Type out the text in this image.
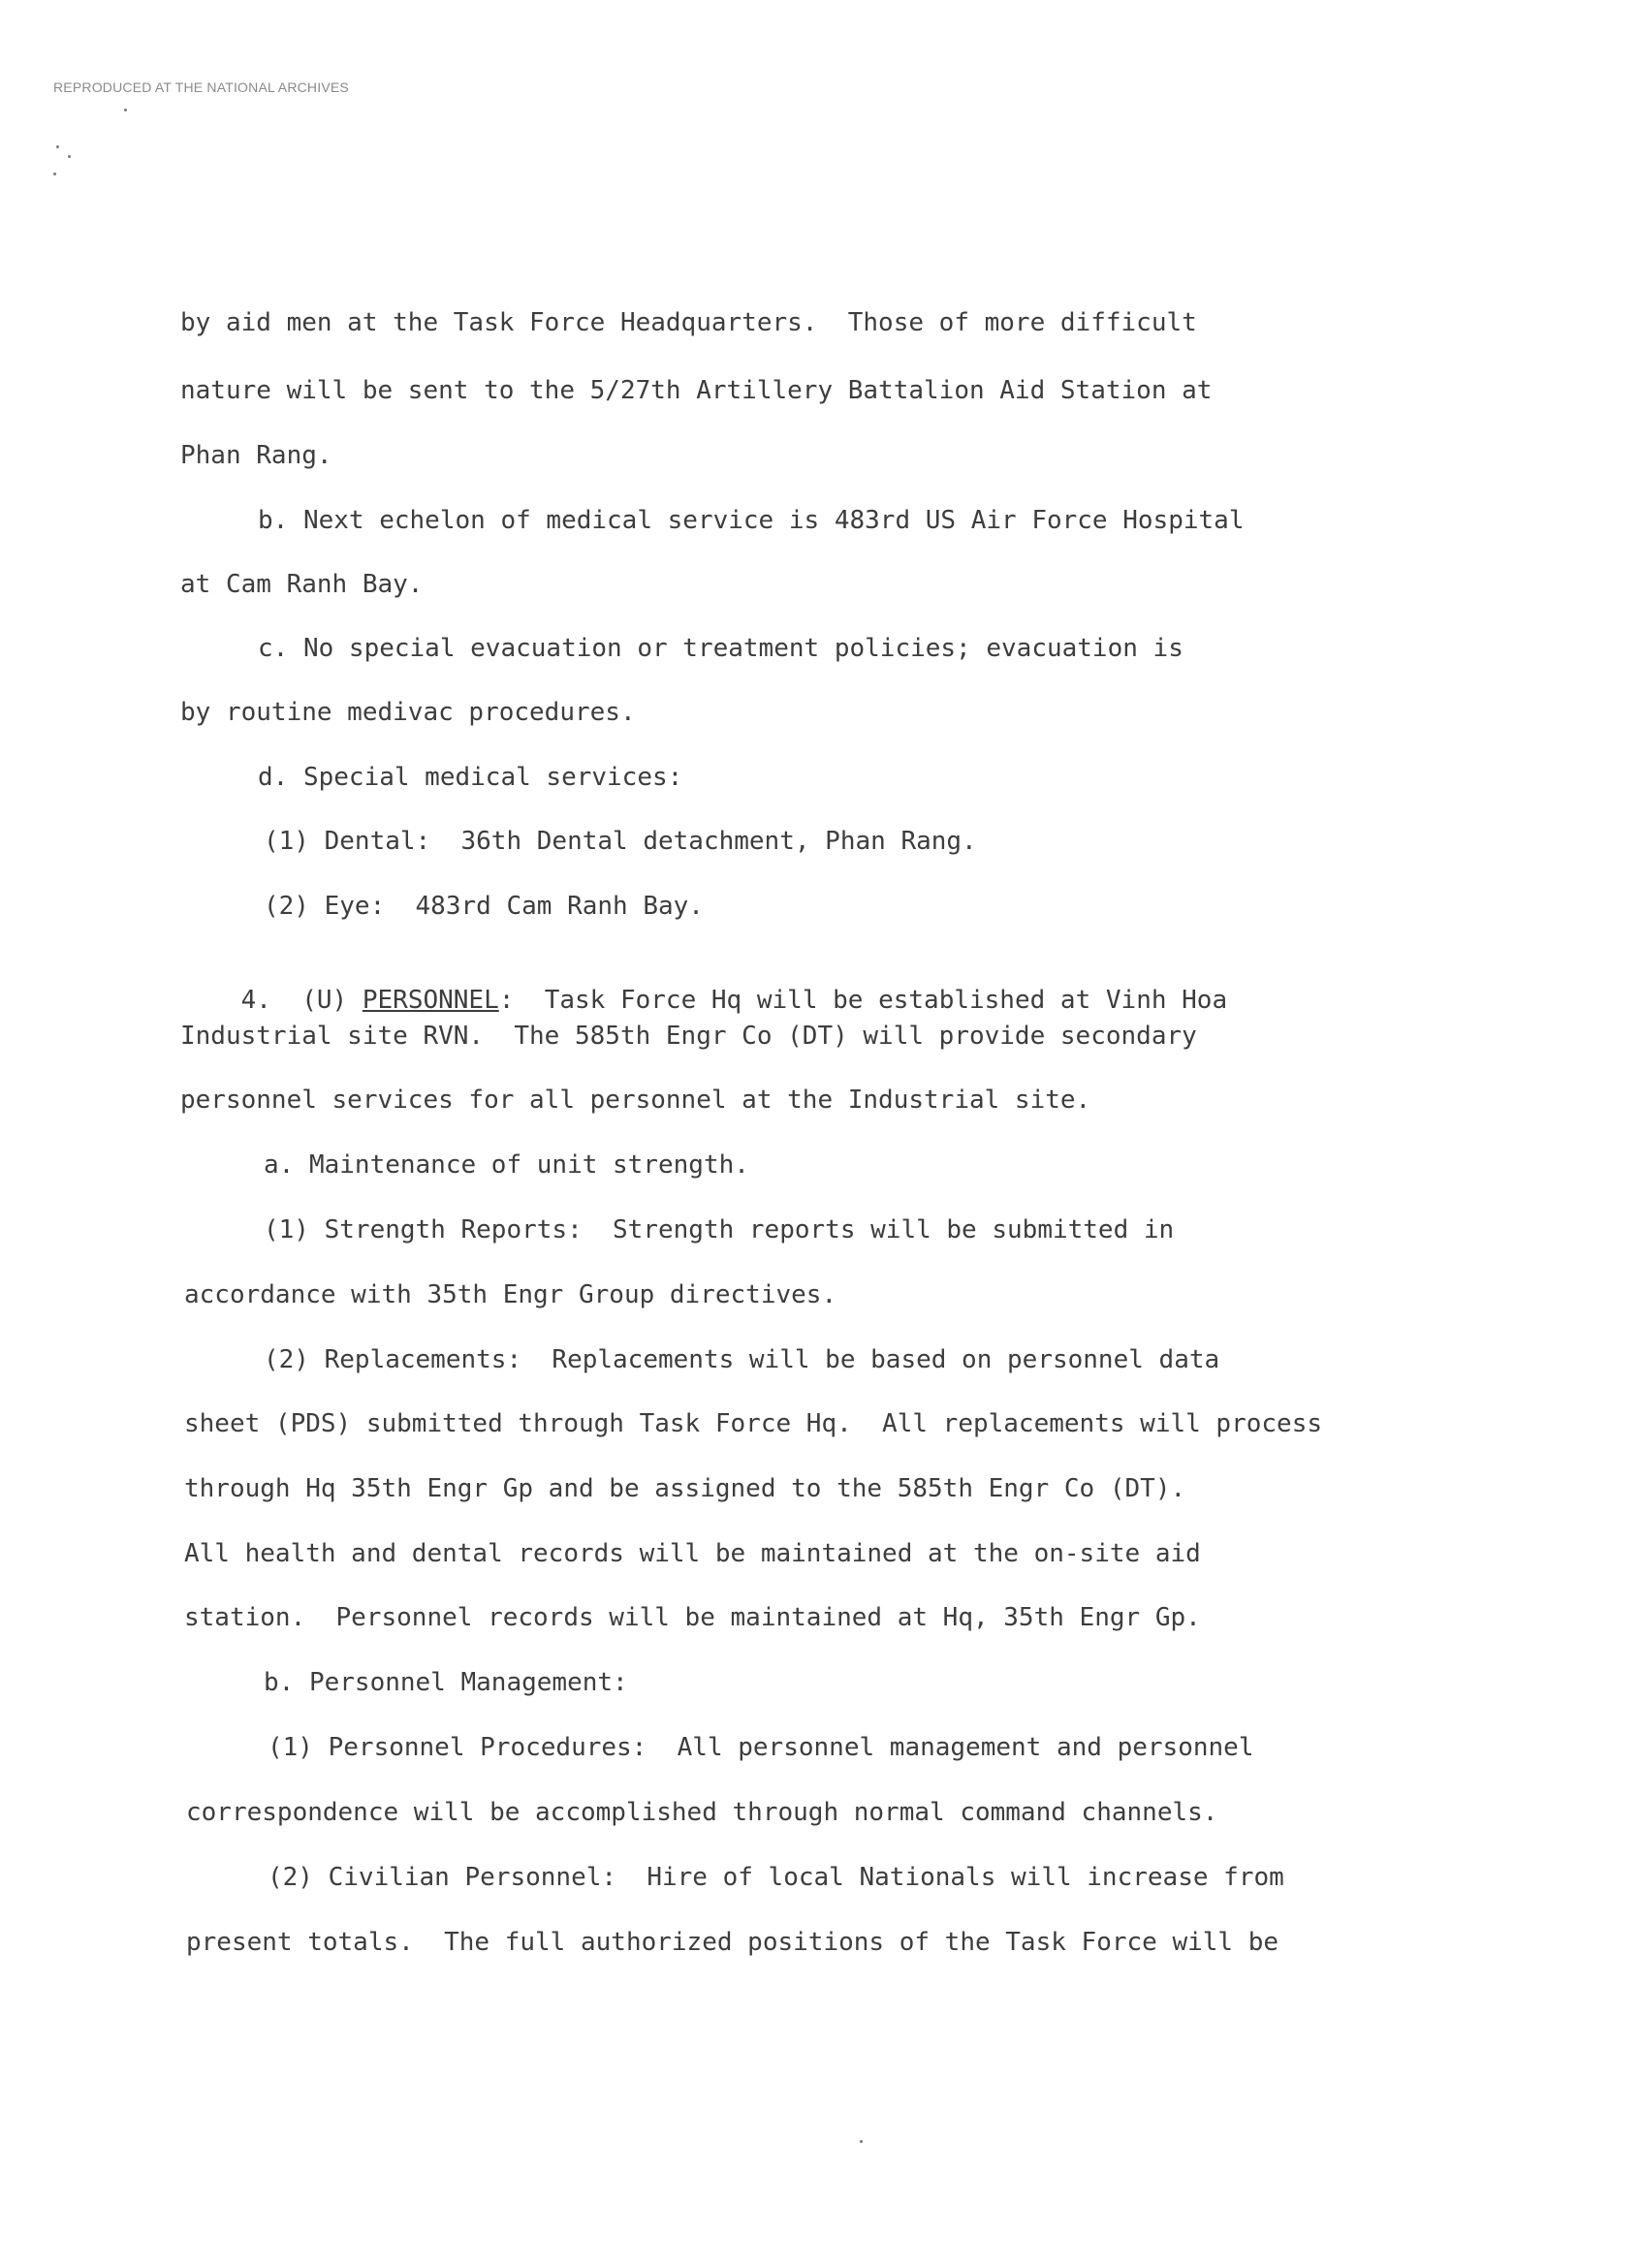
REPRODUCED AT THE NATIONAL ARCHIVES
by aid men at the Task Force Headquarters.  Those of more difficult
nature will be sent to the 5/27th Artillery Battalion Aid Station at
Phan Rang.
b. Next echelon of medical service is 483rd US Air Force Hospital
at Cam Ranh Bay.
c. No special evacuation or treatment policies; evacuation is
by routine medivac procedures.
d. Special medical services:
(1) Dental:  36th Dental detachment, Phan Rang.
(2) Eye:  483rd Cam Ranh Bay.

4.  (U) PERSONNEL:  Task Force Hq will be established at Vinh Hoa

Industrial site RVN.  The 585th Engr Co (DT) will provide secondary
personnel services for all personnel at the Industrial site.
a. Maintenance of unit strength.
(1) Strength Reports:  Strength reports will be submitted in
accordance with 35th Engr Group directives.
(2) Replacements:  Replacements will be based on personnel data
sheet (PDS) submitted through Task Force Hq.  All replacements will process
through Hq 35th Engr Gp and be assigned to the 585th Engr Co (DT).
All health and dental records will be maintained at the on-site aid
station.  Personnel records will be maintained at Hq, 35th Engr Gp.
b. Personnel Management:
(1) Personnel Procedures:  All personnel management and personnel
correspondence will be accomplished through normal command channels.
(2) Civilian Personnel:  Hire of local Nationals will increase from
present totals.  The full authorized positions of the Task Force will be
